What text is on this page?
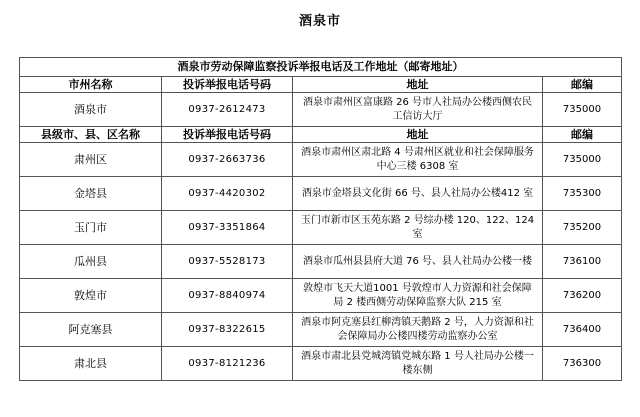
酒泉市
酒泉市劳动保障监察投诉举报电话及工作地址（邮寄地址）			
市州名称	投诉举报电话号码	地址	邮编
酒泉市	0937-2612473	酒泉市肃州区富康路 26 号市人社局办公楼西侧农民工信访大厅	735000
县级市、县、区名称	投诉举报电话号码	地址	邮编
肃州区	0937-2663736	酒泉市肃州区肃北路 4 号肃州区就业和社会保障服务中心三楼 6308 室	735000
金塔县	0937-4420302	酒泉市金塔县文化街 66 号、县人社局办公楼412 室	735300
玉门市	0937-3351864	玉门市新市区玉苑东路 2 号综办楼 120、122、124 室	735200
瓜州县	0937-5528173	酒泉市瓜州县县府大道 76 号、县人社局办公楼一楼	736100
敦煌市	0937-8840974	敦煌市飞天大道1001 号敦煌市人力资源和社会保障局 2 楼西侧劳动保障监察大队 215 室	736200
阿克塞县	0937-8322615	酒泉市阿克塞县红柳湾镇天鹅路 2 号，人力资源和社会保障局办公楼四楼劳动监察办公室	736400
肃北县	0937-8121236	酒泉市肃北县党城湾镇党城东路 1 号人社局办公楼一楼东侧	736300
